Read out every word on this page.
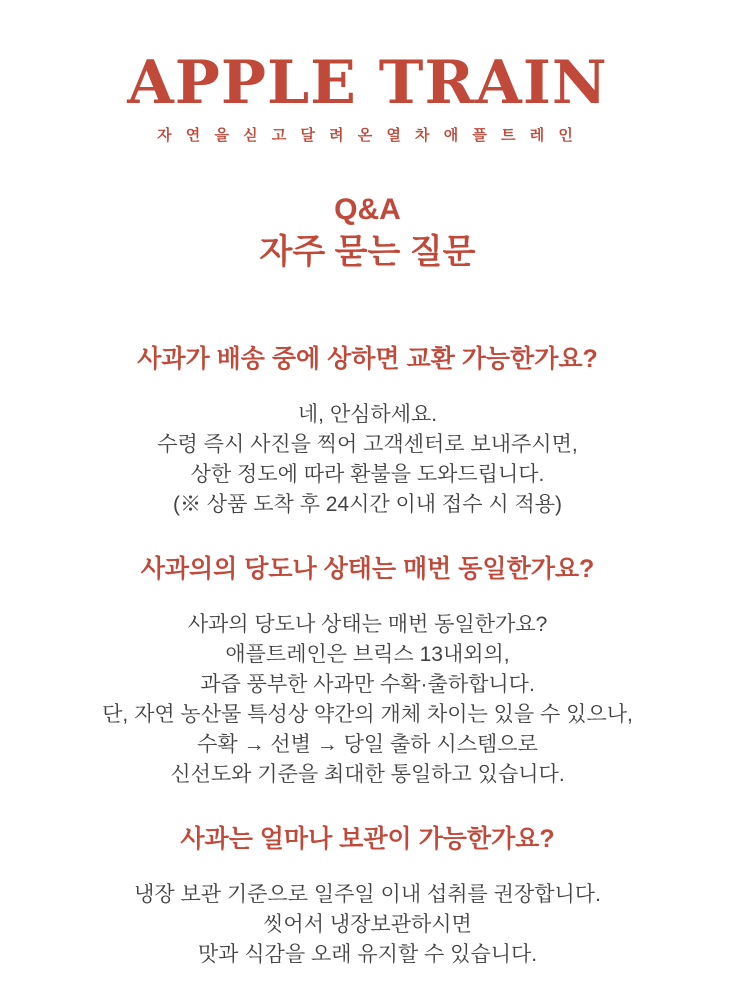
APPLE TRAIN
자 연 을 싣 고 달 려 온 열 차 애 플 트 레 인
Q&A
자주 묻는 질문
사과가 배송 중에 상하면 교환 가능한가요?

네, 안심하세요.

수령 즉시 사진을 찍어 고객센터로 보내주시면,

상한 정도에 따라 환불을 도와드립니다.

(※ 상품 도착 후 24시간 이내 접수 시 적용)

사과의의 당도나 상태는 매번 동일한가요?

사과의 당도나 상태는 매번 동일한가요?

애플트레인은 브릭스 13내외의,

과즙 풍부한 사과만 수확·출하합니다.

단, 자연 농산물 특성상 약간의 개체 차이는 있을 수 있으나,

수확 → 선별 → 당일 출하 시스템으로

신선도와 기준을 최대한 통일하고 있습니다.

사과는 얼마나 보관이 가능한가요?

냉장 보관 기준으로 일주일 이내 섭취를 권장합니다.

씻어서 냉장보관하시면

맛과 식감을 오래 유지할 수 있습니다.
